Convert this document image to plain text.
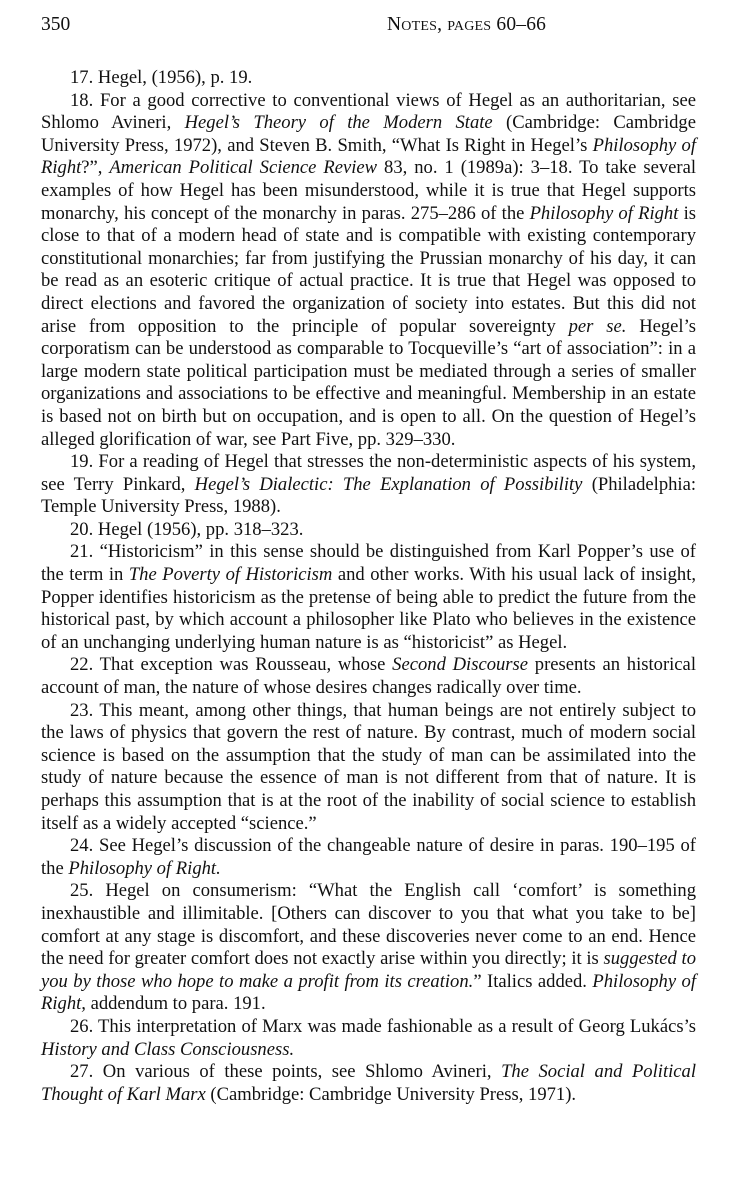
350	Notes, pages 60–66

17. Hegel, (1956), p. 19.

18. For a good corrective to conventional views of Hegel as an authoritarian, see Shlomo Avineri, Hegel’s Theory of the Modern State (Cambridge: Cambridge University Press, 1972), and Steven B. Smith, “What Is Right in Hegel’s Philosophy of Right?”, American Political Science Review 83, no. 1 (1989a): 3–18. To take several examples of how Hegel has been misunderstood, while it is true that Hegel supports monarchy, his concept of the monarchy in paras. 275–286 of the Philosophy of Right is close to that of a modern head of state and is compatible with existing contemporary constitutional monarchies; far from justifying the Prussian monarchy of his day, it can be read as an esoteric critique of actual practice. It is true that Hegel was opposed to direct elections and favored the organization of society into estates. But this did not arise from opposition to the principle of popular sovereignty per se. Hegel’s corporatism can be understood as comparable to Tocqueville’s “art of association”: in a large modern state political participation must be mediated through a series of smaller organizations and associations to be effective and meaningful. Membership in an estate is based not on birth but on occupation, and is open to all. On the question of Hegel’s alleged glorification of war, see Part Five, pp. 329–330.

19. For a reading of Hegel that stresses the non-deterministic aspects of his system, see Terry Pinkard, Hegel’s Dialectic: The Explanation of Possibility (Philadelphia: Temple University Press, 1988).

20. Hegel (1956), pp. 318–323.

21. “Historicism” in this sense should be distinguished from Karl Popper’s use of the term in The Poverty of Historicism and other works. With his usual lack of insight, Popper identifies historicism as the pretense of being able to predict the future from the historical past, by which account a philosopher like Plato who believes in the existence of an unchanging underlying human nature is as “historicist” as Hegel.

22. That exception was Rousseau, whose Second Discourse presents an historical account of man, the nature of whose desires changes radically over time.

23. This meant, among other things, that human beings are not entirely subject to the laws of physics that govern the rest of nature. By contrast, much of modern social science is based on the assumption that the study of man can be assimilated into the study of nature because the essence of man is not different from that of nature. It is perhaps this assumption that is at the root of the inability of social science to establish itself as a widely accepted “science.”

24. See Hegel’s discussion of the changeable nature of desire in paras. 190–195 of the Philosophy of Right.

25. Hegel on consumerism: “What the English call ‘comfort’ is something inexhaustible and illimitable. [Others can discover to you that what you take to be] comfort at any stage is discomfort, and these discoveries never come to an end. Hence the need for greater comfort does not exactly arise within you directly; it is suggested to you by those who hope to make a profit from its creation.” Italics added. Philosophy of Right, addendum to para. 191.

26. This interpretation of Marx was made fashionable as a result of Georg Lukács’s History and Class Consciousness.

27. On various of these points, see Shlomo Avineri, The Social and Political Thought of Karl Marx (Cambridge: Cambridge University Press, 1971).
